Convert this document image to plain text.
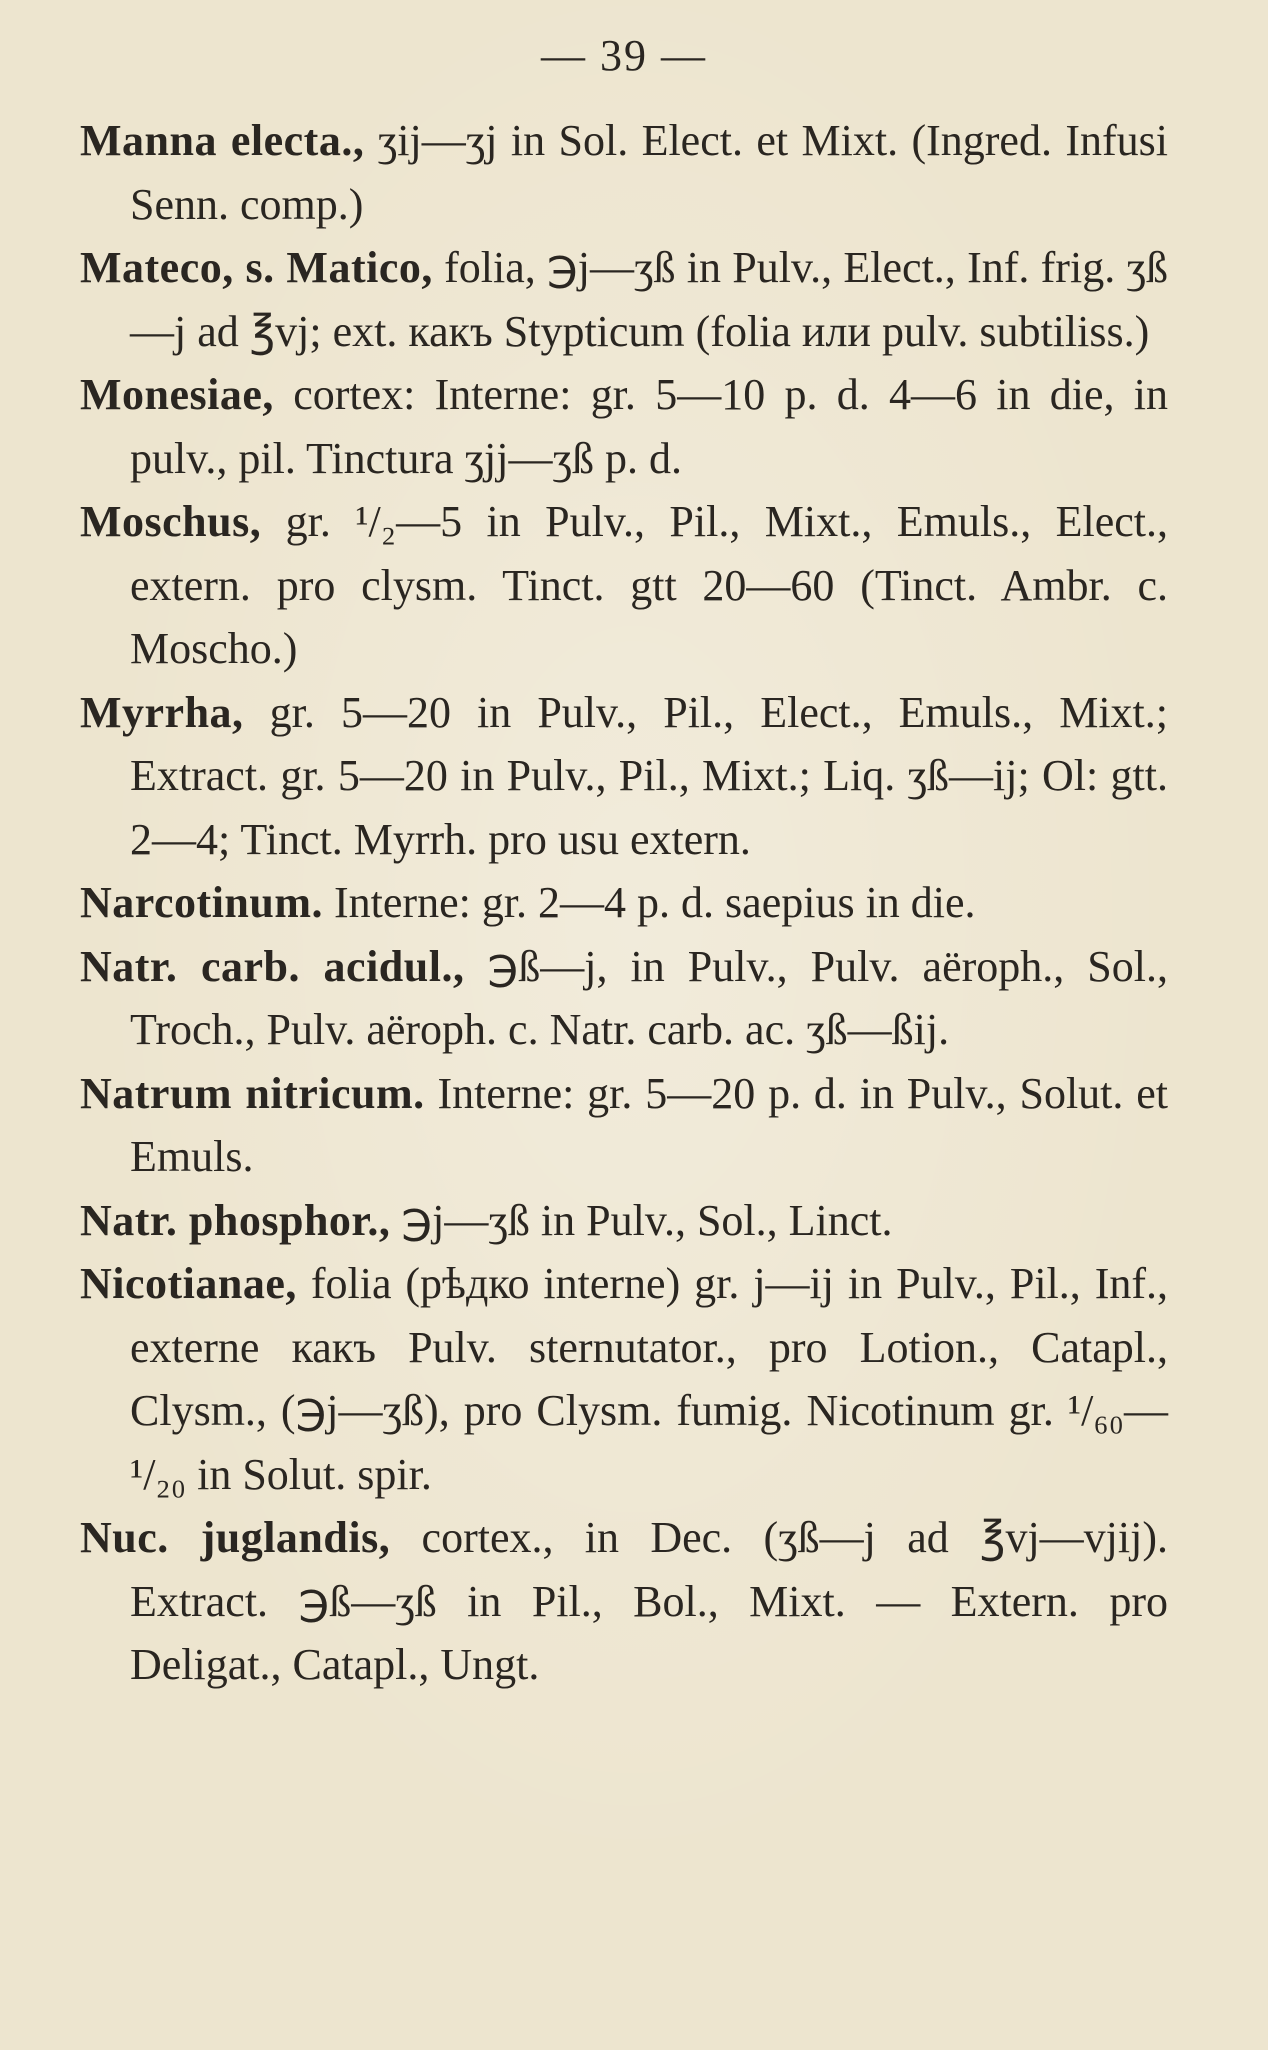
— 39 —

Manna electa., ʒij—ʒj in Sol. Elect. et Mixt. (Ingred. Infusi Senn. comp.)

Mateco, s. Matico, folia, ℈j—ʒß in Pulv., Elect., Inf. frig. ʒß—j ad ℥vj; ext. какъ Stypticum (folia или pulv. subtiliss.)

Monesiae, cortex: Interne: gr. 5—10 p. d. 4—6 in die, in pulv., pil. Tinctura ʒjj—ʒß p. d.

Moschus, gr. ¹/₂—5 in Pulv., Pil., Mixt., Emuls., Elect., extern. pro clysm. Tinct. gtt 20—60 (Tinct. Ambr. c. Moscho.)

Myrrha, gr. 5—20 in Pulv., Pil., Elect., Emuls., Mixt.; Extract. gr. 5—20 in Pulv., Pil., Mixt.; Liq. ʒß—ij; Ol: gtt. 2—4; Tinct. Myrrh. pro usu extern.

Narcotinum. Interne: gr. 2—4 p. d. saepius in die.

Natr. carb. acidul., ℈ß—j, in Pulv., Pulv. aëroph., Sol., Troch., Pulv. aëroph. c. Natr. carb. ac. ʒß—ßij.

Natrum nitricum. Interne: gr. 5—20 p. d. in Pulv., Solut. et Emuls.

Natr. phosphor., ℈j—ʒß in Pulv., Sol., Linct.

Nicotianae, folia (рѣдко interne) gr. j—ij in Pulv., Pil., Inf., externe какъ Pulv. sternutator., pro Lotion., Catapl., Clysm., (℈j—ʒß), pro Clysm. fumig. Nicotinum gr. ¹/₆₀—¹/₂₀ in Solut. spir.

Nuc. juglandis, cortex., in Dec. (ʒß—j ad ℥vj—vjij). Extract. ℈ß—ʒß in Pil., Bol., Mixt. — Extern. pro Deligat., Catapl., Ungt.
